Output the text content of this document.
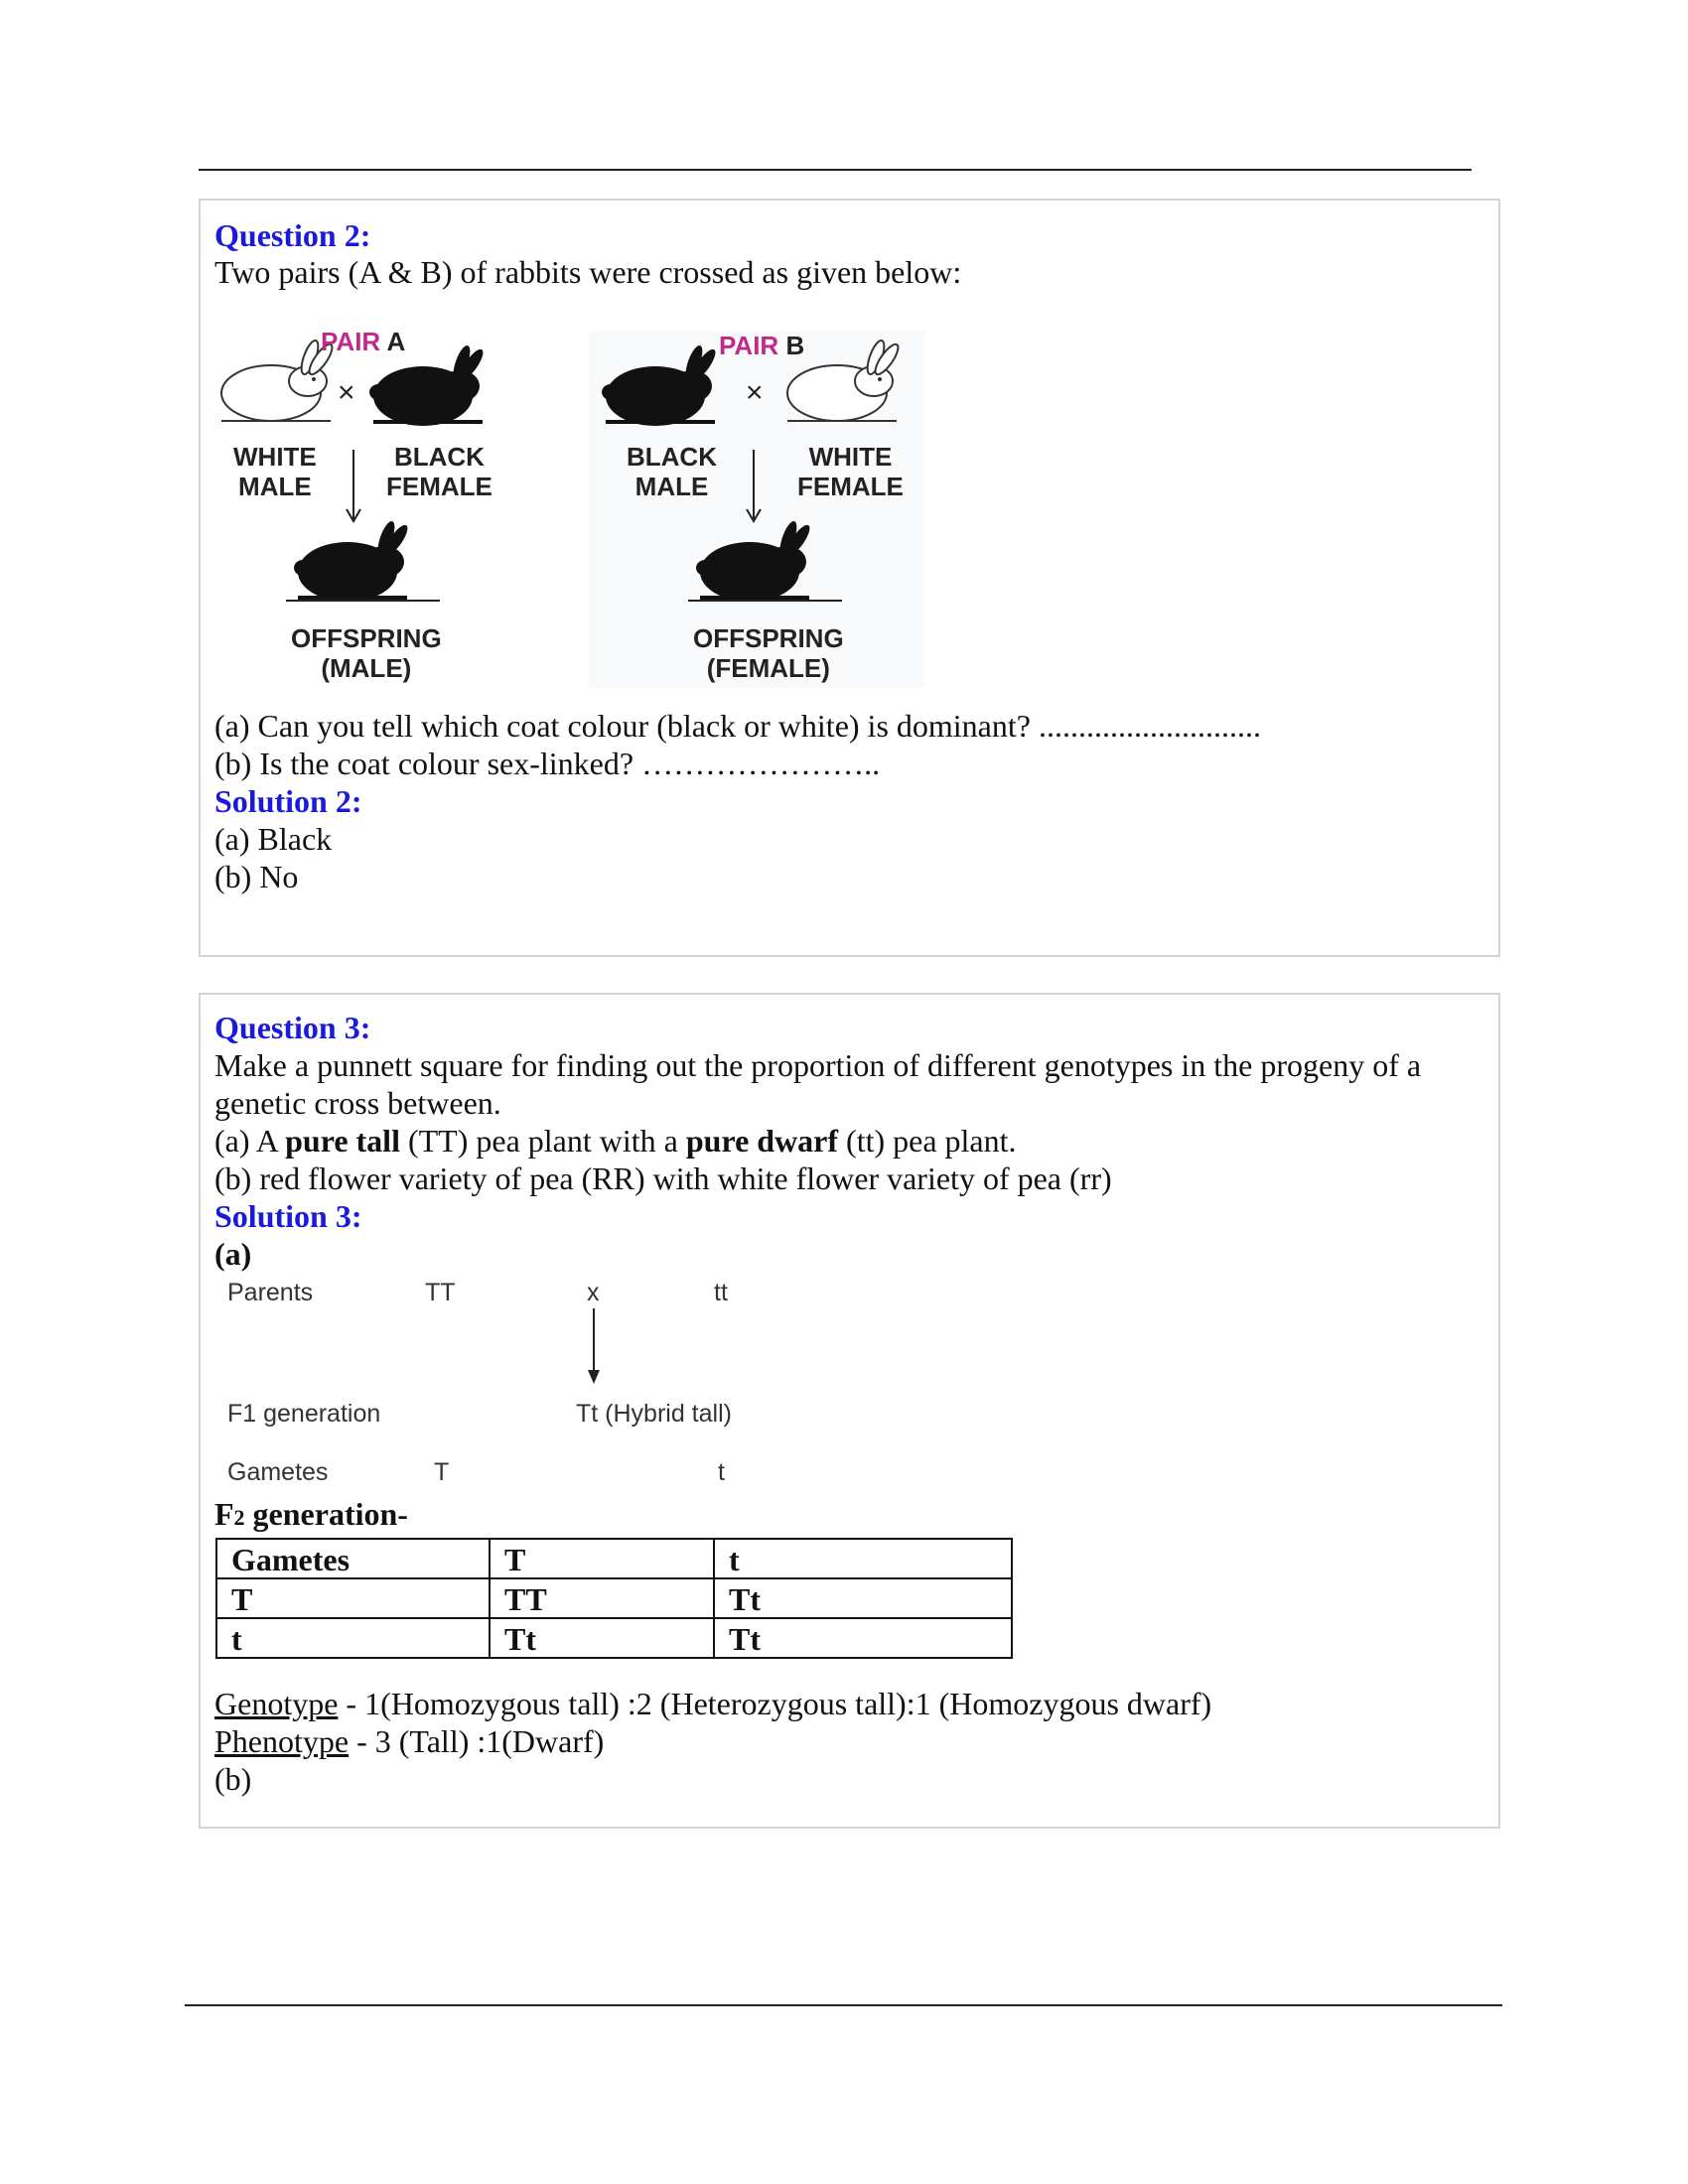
Question 2:
Two pairs (A & B) of rabbits were crossed as given below:
PAIR A
×
WHITE
MALE
BLACK
FEMALE
OFFSPRING
(MALE)
PAIR B
×
BLACK
MALE
WHITE
FEMALE
OFFSPRING
(FEMALE)
(a) Can you tell which coat colour (black or white) is dominant? ............................
(b) Is the coat colour sex-linked? …………………..
Solution 2:
(a) Black
(b) No
Question 3:
Make a punnett square for finding out the proportion of different genotypes in the progeny of a
genetic cross between.
(a) A pure tall (TT) pea plant with a pure dwarf (tt) pea plant.
(b) red flower variety of pea (RR) with white flower variety of pea (rr)
Solution 3:
(a)
Parents	TT	x	tt
F1 generation	Tt (Hybrid tall)
Gametes	T	t
F2 generation-
Gametes	T	t
T	TT	Tt
t	Tt	Tt
Genotype - 1(Homozygous tall) :2 (Heterozygous tall):1 (Homozygous dwarf)
Phenotype - 3 (Tall) :1(Dwarf)
(b)
